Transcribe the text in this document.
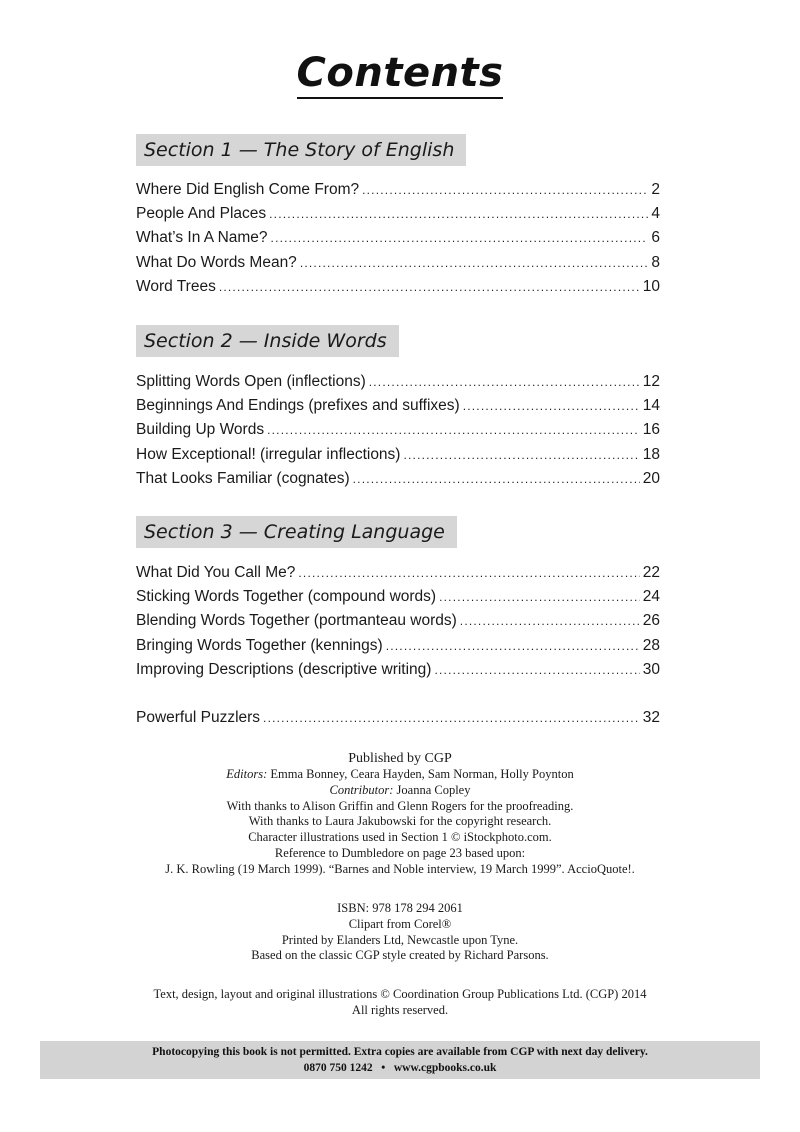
Contents
Section 1 — The Story of English
Where Did English Come From? .....	2
People And Places .....	4
What’s In A Name? .....	6
What Do Words Mean? .....	8
Word Trees .....	10
Section 2 — Inside Words
Splitting Words Open (inflections) .....	12
Beginnings And Endings (prefixes and suffixes) .....	14
Building Up Words .....	16
How Exceptional! (irregular inflections) .....	18
That Looks Familiar (cognates) .....	20
Section 3 — Creating Language
What Did You Call Me? .....	22
Sticking Words Together (compound words) .....	24
Blending Words Together (portmanteau words) .....	26
Bringing Words Together (kennings) .....	28
Improving Descriptions (descriptive writing) .....	30
Powerful Puzzlers .....	32
Published by CGP
Editors: Emma Bonney, Ceara Hayden, Sam Norman, Holly Poynton
Contributor: Joanna Copley
With thanks to Alison Griffin and Glenn Rogers for the proofreading.
With thanks to Laura Jakubowski for the copyright research.
Character illustrations used in Section 1 © iStockphoto.com.
Reference to Dumbledore on page 23 based upon:
J. K. Rowling (19 March 1999). “Barnes and Noble interview, 19 March 1999”. AccioQuote!.
ISBN: 978 178 294 2061
Clipart from Corel®
Printed by Elanders Ltd, Newcastle upon Tyne.
Based on the classic CGP style created by Richard Parsons.
Text, design, layout and original illustrations © Coordination Group Publications Ltd. (CGP) 2014
All rights reserved.
Photocopying this book is not permitted. Extra copies are available from CGP with next day delivery.
0870 750 1242 • www.cgpbooks.co.uk
